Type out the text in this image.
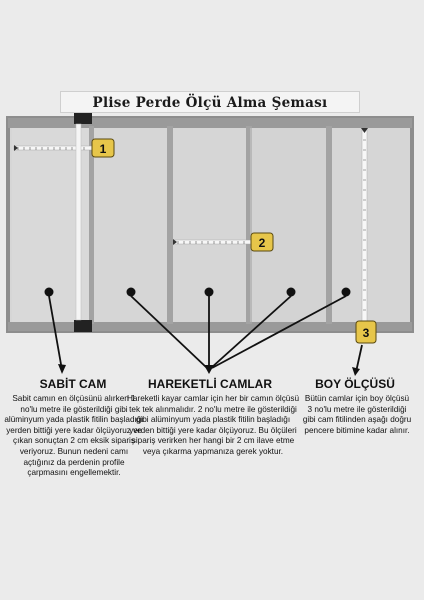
1
2
3
Plise Perde Ölçü Alma Şeması
SABİT CAM	HAREKETLİ CAMLAR	BOY ÖLÇÜSÜ
Sabit camın en ölçüsünü alırken 1 no'lu metre ile gösterildiği gibi alüminyum yada plastik fitilin başladığı yerden bittiği yere kadar ölçüyoruz ve çıkan sonuçtan 2 cm eksik sipariş veriyoruz. Bunun nedeni camı açtığınız da perdenin profile çarpmasını engellemektir.
Hareketli kayar camlar için her bir camın ölçüsü tek tek alınmalıdır. 2 no'lu metre ile gösterildiği gibi alüminyum yada plastik fitilin başladığı yerden bittiği yere kadar ölçüyoruz. Bu ölçüleri sipariş verirken her hangi bir 2 cm ilave etme veya çıkarma yapmanıza gerek yoktur.
Bütün camlar için boy ölçüsü 3 no'lu metre ile gösterildiği gibi cam fitilinden aşağı doğru pencere bitimine kadar alınır.
